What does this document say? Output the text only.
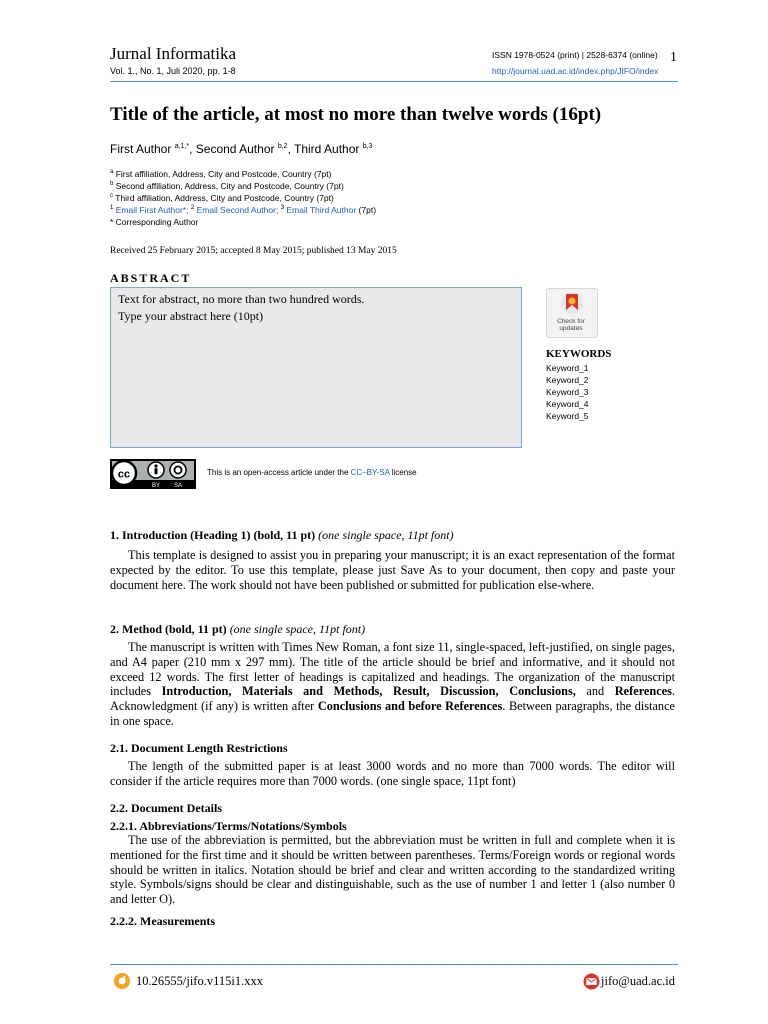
Jurnal Informatika
Vol. 1., No. 1, Juli 2020, pp. 1-8
ISSN 1978-0524 (print) | 2528-6374 (online)
http://journal.uad.ac.id/index.php/JIFO/index
1
Title of the article, at most no more than twelve words (16pt)
First Author $^{a,1,*}$, Second Author $^{b,2}$, Third Author $^{b,3}$
$^a$ First affiliation, Address, City and Postcode, Country (7pt)
$^b$ Second affiliation, Address, City and Postcode, Country (7pt)
$^c$ Third affiliation, Address, City and Postcode, Country (7pt)
$^1$ Email First Author*; $^2$ Email Second Author; $^3$ Email Third Author (7pt)
* Corresponding Author
Received 25 February 2015; accepted 8 May 2015; published 13 May 2015
ABSTRACT
Text for abstract, no more than two hundred words.
Type your abstract here (10pt)	Check for
updates
KEYWORDS
Keyword_1
Keyword_2
Keyword_3
Keyword_4
Keyword_5
cc
BY SA
This is an open-access article under the CC–BY-SA license
1. Introduction (Heading 1) (bold, 11 pt) (one single space, 11pt font)
This template is designed to assist you in preparing your manuscript; it is an exact representation of the format expected by the editor. To use this template, please just Save As to your document, then copy and paste your document here. The work should not have been published or submitted for publication else-where.
2. Method (bold, 11 pt) (one single space, 11pt font)
The manuscript is written with Times New Roman, a font size 11, single-spaced, left-justified, on single pages, and A4 paper (210 mm x 297 mm). The title of the article should be brief and informative, and it should not exceed 12 words. The first letter of headings is capitalized and headings. The organization of the manuscript includes Introduction, Materials and Methods, Result, Discussion, Conclusions, and References. Acknowledgment (if any) is written after Conclusions and before References. Between paragraphs, the distance in one space.
2.1. Document Length Restrictions
The length of the submitted paper is at least 3000 words and no more than 7000 words. The editor will consider if the article requires more than 7000 words. (one single space, 11pt font)
2.2. Document Details
2.2.1. Abbreviations/Terms/Notations/Symbols
The use of the abbreviation is permitted, but the abbreviation must be written in full and complete when it is mentioned for the first time and it should be written between parentheses. Terms/Foreign words or regional words should be written in italics. Notation should be brief and clear and written according to the standardized writing style. Symbols/signs should be clear and distinguishable, such as the use of number 1 and letter 1 (also number 0 and letter O).
2.2.2. Measurements
10.26555/jifo.v115i1.xxx	jifo@uad.ac.id
